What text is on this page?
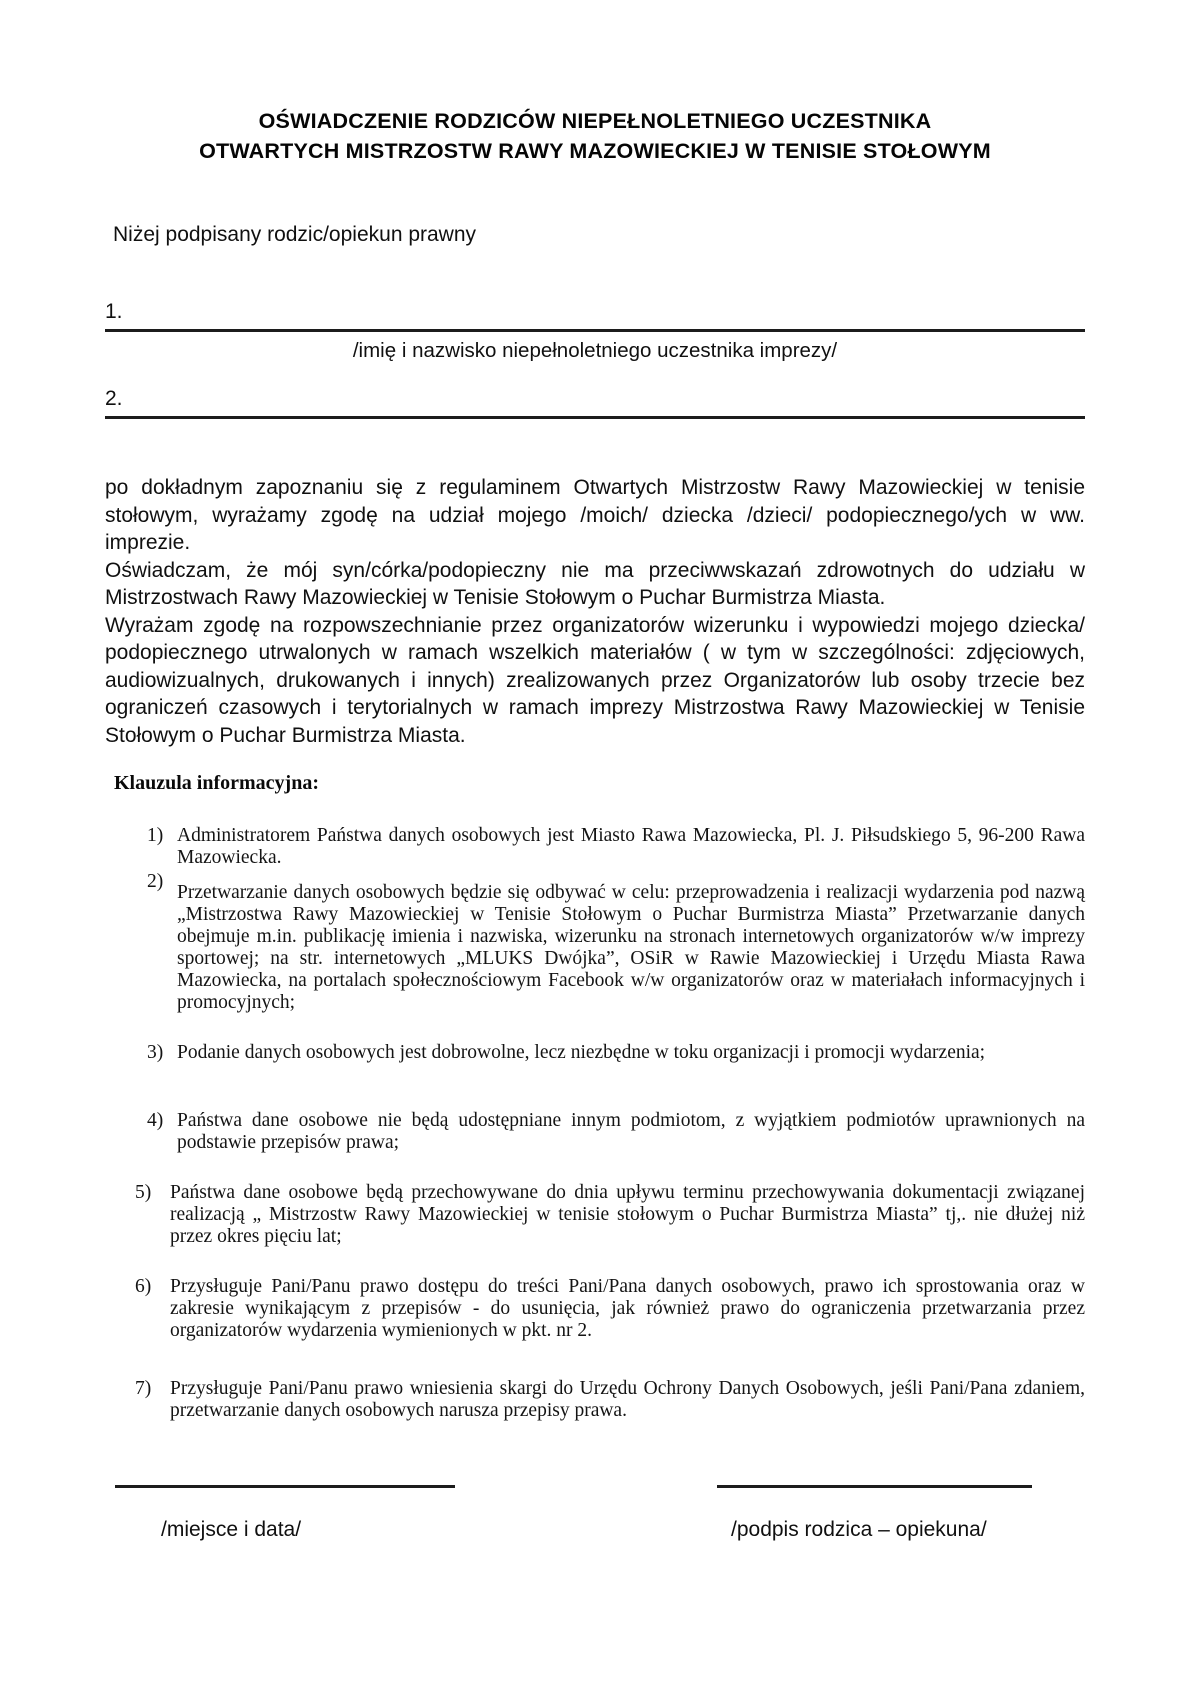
OŚWIADCZENIE RODZICÓW NIEPEŁNOLETNIEGO UCZESTNIKA
OTWARTYCH MISTRZOSTW RAWY MAZOWIECKIEJ W TENISIE STOŁOWYM
Niżej podpisany rodzic/opiekun prawny
1.
/imię i nazwisko niepełnoletniego uczestnika imprezy/
2.

po dokładnym zapoznaniu się z regulaminem Otwartych Mistrzostw Rawy Mazowieckiej w tenisie stołowym, wyrażamy zgodę na udział mojego /moich/ dziecka /dzieci/ podopiecznego/ych w ww. imprezie.

Oświadczam, że mój syn/córka/podopieczny nie ma przeciwwskazań zdrowotnych do udziału w Mistrzostwach Rawy Mazowieckiej w Tenisie Stołowym o Puchar Burmistrza Miasta.

Wyrażam zgodę na rozpowszechnianie przez organizatorów wizerunku i wypowiedzi mojego dziecka/ podopiecznego utrwalonych w ramach wszelkich materiałów ( w tym w szczególności: zdjęciowych, audiowizualnych, drukowanych i innych) zrealizowanych przez Organizatorów lub osoby trzecie bez ograniczeń czasowych i terytorialnych w ramach imprezy Mistrzostwa Rawy Mazowieckiej w Tenisie Stołowym o Puchar Burmistrza Miasta.

Klauzula informacyjna:
1) Administratorem Państwa danych osobowych jest Miasto Rawa Mazowiecka, Pl. J. Piłsudskiego 5, 96-200 Rawa Mazowiecka.
2)
Przetwarzanie danych osobowych będzie się odbywać w celu: przeprowadzenia i realizacji wydarzenia pod nazwą „Mistrzostwa Rawy Mazowieckiej w Tenisie Stołowym o Puchar Burmistrza Miasta” Przetwarzanie danych obejmuje m.in. publikację imienia i nazwiska, wizerunku na stronach internetowych organizatorów w/w imprezy sportowej; na str. internetowych „MLUKS Dwójka”, OSiR w Rawie Mazowieckiej i Urzędu Miasta Rawa Mazowiecka, na portalach społecznościowym Facebook w/w organizatorów oraz w materiałach informacyjnych i promocyjnych;
3) Podanie danych osobowych jest dobrowolne, lecz niezbędne w toku organizacji i promocji wydarzenia;
4) Państwa dane osobowe nie będą udostępniane innym podmiotom, z wyjątkiem podmiotów uprawnionych na podstawie przepisów prawa;
5) Państwa dane osobowe będą przechowywane do dnia upływu terminu przechowywania dokumentacji związanej realizacją „ Mistrzostw Rawy Mazowieckiej w tenisie stołowym o Puchar Burmistrza Miasta” tj,. nie dłużej niż przez okres pięciu lat;
6) Przysługuje Pani/Panu prawo dostępu do treści Pani/Pana danych osobowych, prawo ich sprostowania oraz w zakresie wynikającym z przepisów - do usunięcia, jak również prawo do ograniczenia przetwarzania przez organizatorów wydarzenia wymienionych w pkt. nr 2.
7) Przysługuje Pani/Panu prawo wniesienia skargi do Urzędu Ochrony Danych Osobowych, jeśli Pani/Pana zdaniem, przetwarzanie danych osobowych narusza przepisy prawa.
/miejsce i data/	/podpis rodzica – opiekuna/
